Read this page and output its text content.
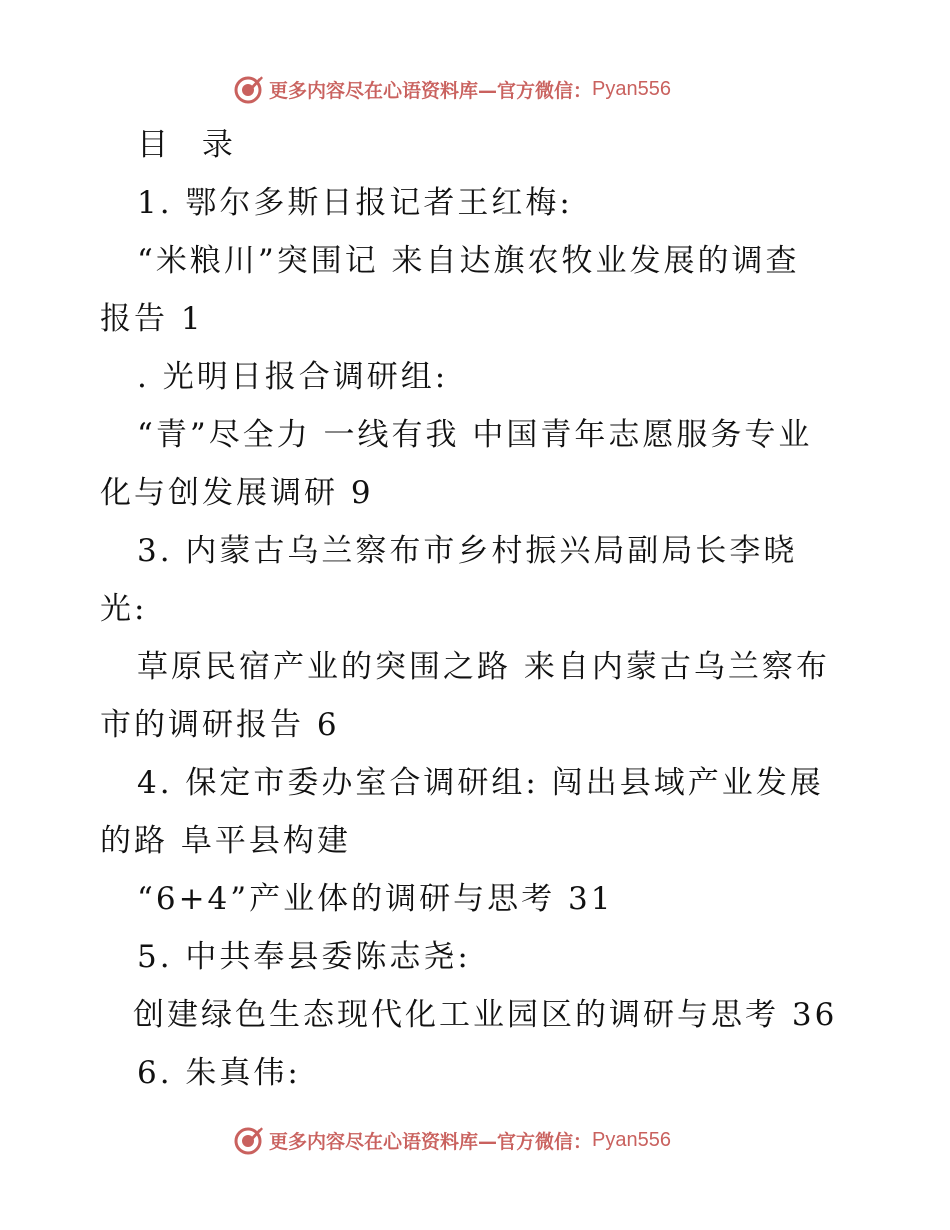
更多内容尽在心语资料库—官方微信： Pyan556
目 录
1. 鄂尔多斯日报记者王红梅:
“米粮川”突围记 来自达旗农牧业发展的调查
报告 1
. 光明日报合调研组:
“青”尽全力 一线有我 中国青年志愿服务专业
化与创发展调研 9
3. 内蒙古乌兰察布市乡村振兴局副局长李晓
光:
草原民宿产业的突围之路 来自内蒙古乌兰察布
市的调研报告 6
4. 保定市委办室合调研组: 闯出县域产业发展
的路 阜平县构建
“6+4”产业体的调研与思考 31
5. 中共奉县委陈志尧:
创建绿色生态现代化工业园区的调研与思考 36
6. 朱真伟:
更多内容尽在心语资料库—官方微信： Pyan556
